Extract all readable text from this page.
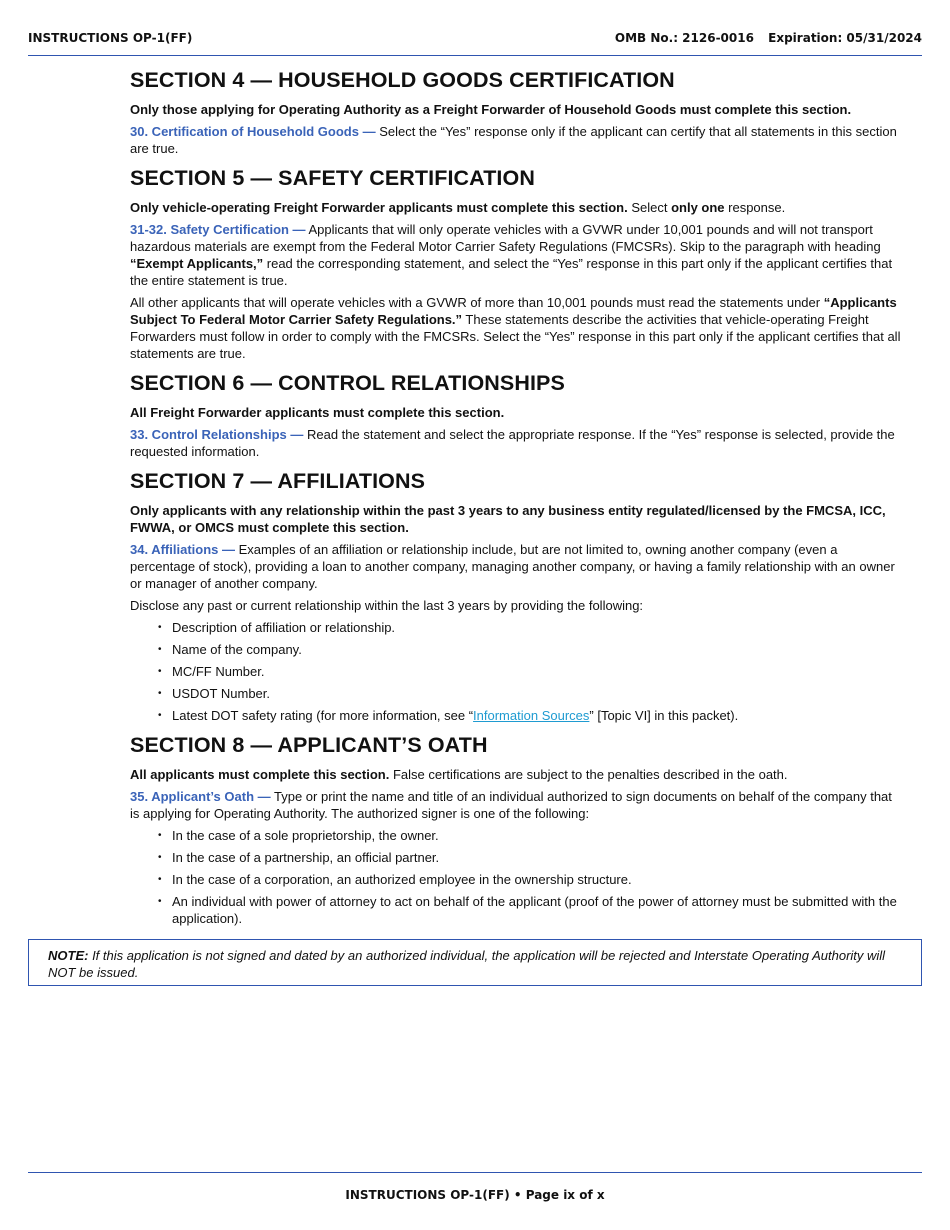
INSTRUCTIONS OP-1(FF)	OMB No.: 2126-0016 Expiration: 05/31/2024
SECTION 4 — HOUSEHOLD GOODS CERTIFICATION

Only those applying for Operating Authority as a Freight Forwarder of Household Goods must complete this section.

30. Certification of Household Goods — Select the “Yes” response only if the applicant can certify that all statements in this section are true.

SECTION 5 — SAFETY CERTIFICATION

Only vehicle-operating Freight Forwarder applicants must complete this section. Select only one response.

31-32. Safety Certification — Applicants that will only operate vehicles with a GVWR under 10,001 pounds and will not transport hazardous materials are exempt from the Federal Motor Carrier Safety Regulations (FMCSRs). Skip to the paragraph with heading “Exempt Applicants,” read the corresponding statement, and select the “Yes” response in this part only if the applicant certifies that the entire statement is true.

All other applicants that will operate vehicles with a GVWR of more than 10,001 pounds must read the statements under “Applicants Subject To Federal Motor Carrier Safety Regulations.” These statements describe the activities that vehicle-operating Freight Forwarders must follow in order to comply with the FMCSRs. Select the “Yes” response in this part only if the applicant certifies that all statements are true.

SECTION 6 — CONTROL RELATIONSHIPS

All Freight Forwarder applicants must complete this section.

33. Control Relationships — Read the statement and select the appropriate response. If the “Yes” response is selected, provide the requested information.

SECTION 7 — AFFILIATIONS

Only applicants with any relationship within the past 3 years to any business entity regulated/licensed by the FMCSA, ICC, FWWA, or OMCS must complete this section.

34. Affiliations — Examples of an affiliation or relationship include, but are not limited to, owning another company (even a percentage of stock), providing a loan to another company, managing another company, or having a family relationship with an owner or manager of another company.

Disclose any past or current relationship within the last 3 years by providing the following:

• Description of affiliation or relationship.
• Name of the company.
• MC/FF Number.
• USDOT Number.
• Latest DOT safety rating (for more information, see “Information Sources” [Topic VI] in this packet).
SECTION 8 — APPLICANT’S OATH

All applicants must complete this section. False certifications are subject to the penalties described in the oath.

35. Applicant’s Oath — Type or print the name and title of an individual authorized to sign documents on behalf of the company that is applying for Operating Authority. The authorized signer is one of the following:

• In the case of a sole proprietorship, the owner.
• In the case of a partnership, an official partner.
• In the case of a corporation, an authorized employee in the ownership structure.
• An individual with power of attorney to act on behalf of the applicant (proof of the power of attorney must be submitted with the application).
NOTE: If this application is not signed and dated by an authorized individual, the application will be rejected and Interstate Operating Authority will NOT be issued.
INSTRUCTIONS OP-1(FF) • Page ix of x
